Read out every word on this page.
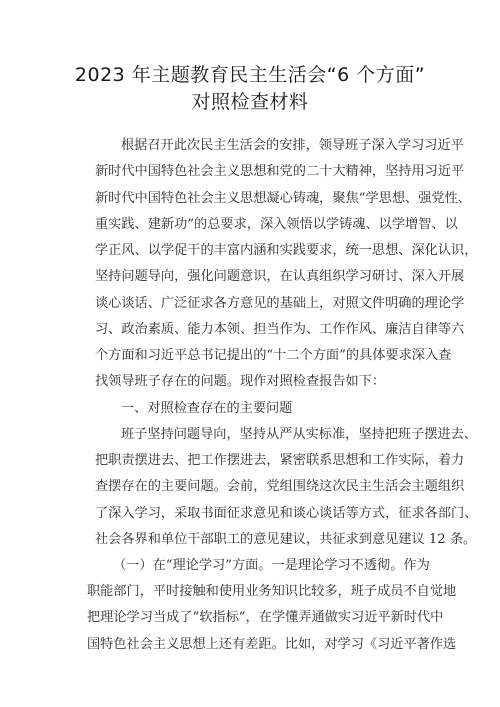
2023 年主题教育民主生活会“6 个方面”
对照检查材料
根据召开此次民主生活会的安排，领导班子深入学习习近平
新时代中国特色社会主义思想和党的二十大精神，坚持用习近平
新时代中国特色社会主义思想凝心铸魂，聚焦“学思想、强党性、
重实践、建新功”的总要求，深入领悟以学铸魂、以学增智、以
学正风、以学促干的丰富内涵和实践要求，统一思想、深化认识，
坚持问题导向，强化问题意识，在认真组织学习研讨、深入开展
谈心谈话、广泛征求各方意见的基础上，对照文件明确的理论学
习、政治素质、能力本领、担当作为、工作作风、廉洁自律等六
个方面和习近平总书记提出的“十二个方面”的具体要求深入查
找领导班子存在的问题。现作对照检查报告如下：
一、对照检查存在的主要问题
班子坚持问题导向，坚持从严从实标准，坚持把班子摆进去、
把职责摆进去、把工作摆进去，紧密联系思想和工作实际，着力
查摆存在的主要问题。会前，党组围绕这次民主生活会主题组织
了深入学习，采取书面征求意见和谈心谈话等方式，征求各部门、
社会各界和单位干部职工的意见建议，共征求到意见建议 12 条。
（一）在“理论学习”方面。一是理论学习不透彻。作为
职能部门，平时接触和使用业务知识比较多，班子成员不自觉地
把理论学习当成了“软指标”，在学懂弄通做实习近平新时代中
国特色社会主义思想上还有差距。比如，对学习《习近平著作选
